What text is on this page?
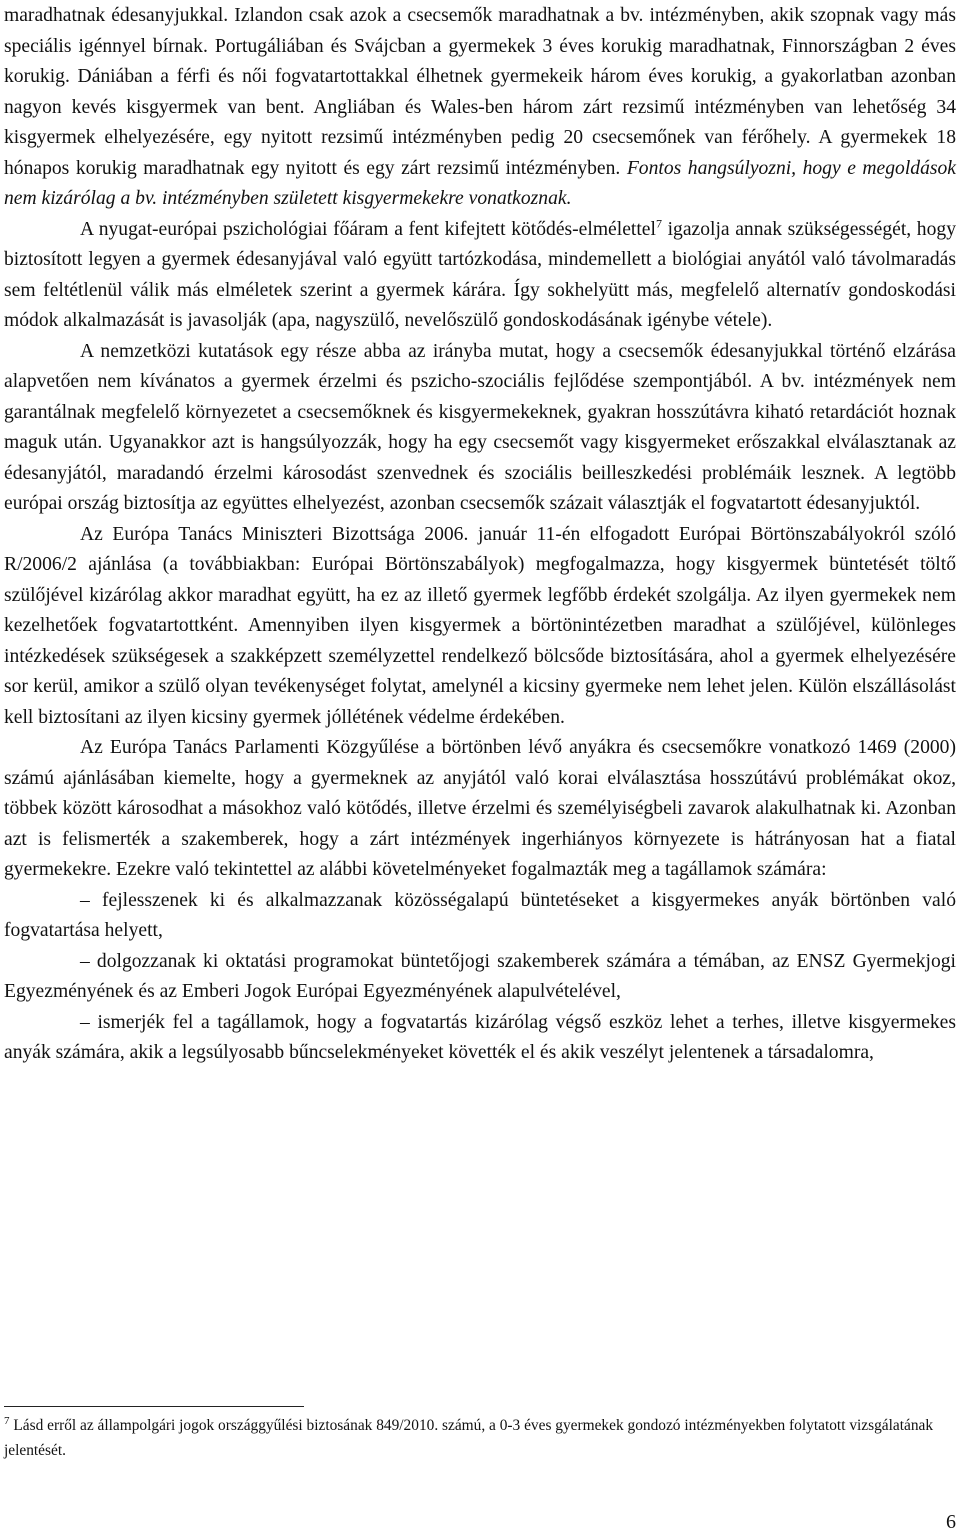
maradhatnak édesanyjukkal. Izlandon csak azok a csecsemők maradhatnak a bv. intézményben, akik szopnak vagy más speciális igénnyel bírnak. Portugáliában és Svájcban a gyermekek 3 éves korukig maradhatnak, Finnországban 2 éves korukig. Dániában a férfi és női fogvatartottakkal élhetnek gyermekeik három éves korukig, a gyakorlatban azonban nagyon kevés kisgyermek van bent. Angliában és Wales-ben három zárt rezsimű intézményben van lehetőség 34 kisgyermek elhelyezésére, egy nyitott rezsimű intézményben pedig 20 csecsemőnek van férőhely. A gyermekek 18 hónapos korukig maradhatnak egy nyitott és egy zárt rezsimű intézményben. Fontos hangsúlyozni, hogy e megoldások nem kizárólag a bv. intézményben született kisgyermekekre vonatkoznak.

A nyugat-európai pszichológiai főáram a fent kifejtett kötődés-elmélettel$^7$ igazolja annak szükségességét, hogy biztosított legyen a gyermek édesanyjával való együtt tartózkodása, mindemellett a biológiai anyától való távolmaradás sem feltétlenül válik más elméletek szerint a gyermek kárára. Így sokhelyütt más, megfelelő alternatív gondoskodási módok alkalmazását is javasolják (apa, nagyszülő, nevelőszülő gondoskodásának igénybe vétele).

A nemzetközi kutatások egy része abba az irányba mutat, hogy a csecsemők édesanyjukkal történő elzárása alapvetően nem kívánatos a gyermek érzelmi és pszicho-szociális fejlődése szempontjából. A bv. intézmények nem garantálnak megfelelő környezetet a csecsemőknek és kisgyermekeknek, gyakran hosszútávra kiható retardációt hoznak maguk után. Ugyanakkor azt is hangsúlyozzák, hogy ha egy csecsemőt vagy kisgyermeket erőszakkal elválasztanak az édesanyjától, maradandó érzelmi károsodást szenvednek és szociális beilleszkedési problémáik lesznek. A legtöbb európai ország biztosítja az együttes elhelyezést, azonban csecsemők százait választják el fogvatartott édesanyjuktól.

Az Európa Tanács Miniszteri Bizottsága 2006. január 11-én elfogadott Európai Börtönszabályokról szóló R/2006/2 ajánlása (a továbbiakban: Európai Börtönszabályok) megfogalmazza, hogy kisgyermek büntetését töltő szülőjével kizárólag akkor maradhat együtt, ha ez az illető gyermek legfőbb érdekét szolgálja. Az ilyen gyermekek nem kezelhetőek fogvatartottként. Amennyiben ilyen kisgyermek a börtönintézetben maradhat a szülőjével, különleges intézkedések szükségesek a szakképzett személyzettel rendelkező bölcsőde biztosítására, ahol a gyermek elhelyezésére sor kerül, amikor a szülő olyan tevékenységet folytat, amelynél a kicsiny gyermeke nem lehet jelen. Külön elszállásolást kell biztosítani az ilyen kicsiny gyermek jóllétének védelme érdekében.

Az Európa Tanács Parlamenti Közgyűlése a börtönben lévő anyákra és csecsemőkre vonatkozó 1469 (2000) számú ajánlásában kiemelte, hogy a gyermeknek az anyjától való korai elválasztása hosszútávú problémákat okoz, többek között károsodhat a másokhoz való kötődés, illetve érzelmi és személyiségbeli zavarok alakulhatnak ki. Azonban azt is felismerték a szakemberek, hogy a zárt intézmények ingerhiányos környezete is hátrányosan hat a fiatal gyermekekre. Ezekre való tekintettel az alábbi követelményeket fogalmazták meg a tagállamok számára:

– fejlesszenek ki és alkalmazzanak közösségalapú büntetéseket a kisgyermekes anyák börtönben való fogvatartása helyett,

– dolgozzanak ki oktatási programokat büntetőjogi szakemberek számára a témában, az ENSZ Gyermekjogi Egyezményének és az Emberi Jogok Európai Egyezményének alapulvételével,

– ismerjék fel a tagállamok, hogy a fogvatartás kizárólag végső eszköz lehet a terhes, illetve kisgyermekes anyák számára, akik a legsúlyosabb bűncselekményeket követték el és akik veszélyt jelentenek a társadalomra,

$^7$ Lásd erről az állampolgári jogok országgyűlési biztosának 849/2010. számú, a 0-3 éves gyermekek gondozó intézményekben folytatott vizsgálatának jelentését.
6
